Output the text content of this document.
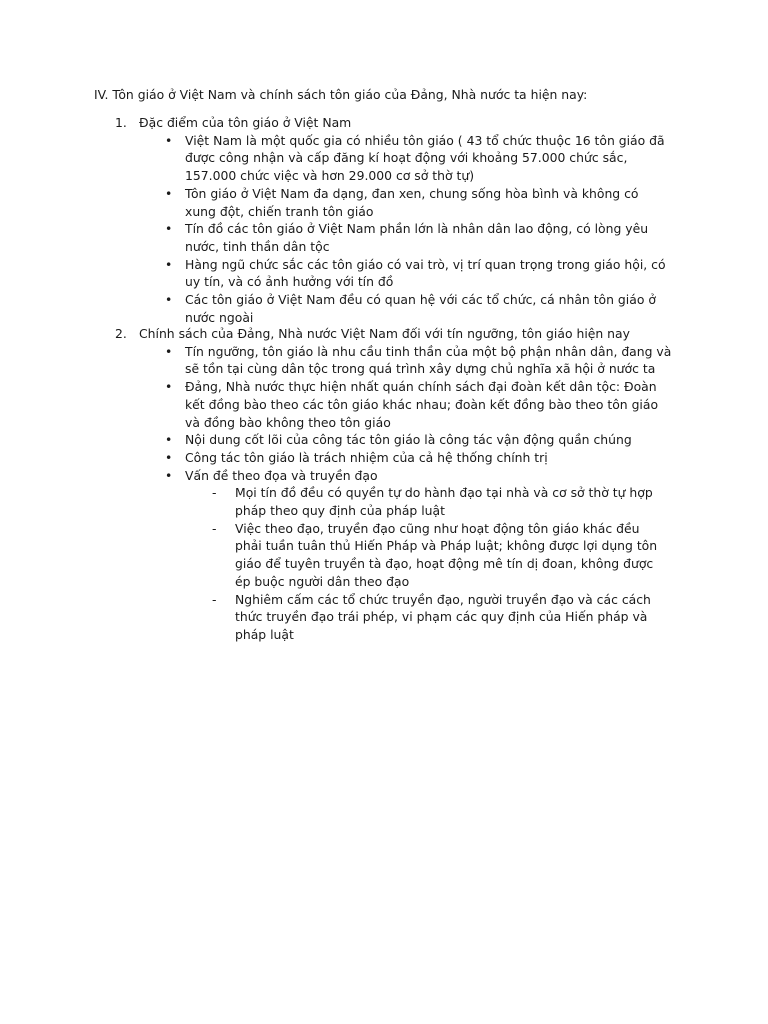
IV. Tôn giáo ở Việt Nam và chính sách tôn giáo của Đảng, Nhà nước ta hiện nay:
1. Đặc điểm của tôn giáo ở Việt Nam
• Việt Nam là một quốc gia có nhiều tôn giáo ( 43 tổ chức thuộc 16 tôn giáo đã được công nhận và cấp đăng kí hoạt động với khoảng 57.000 chức sắc, 157.000 chức việc và hơn 29.000 cơ sở thờ tự)
• Tôn giáo ở Việt Nam đa dạng, đan xen, chung sống hòa bình và không có xung đột, chiến tranh tôn giáo
• Tín đồ các tôn giáo ở Việt Nam phần lớn là nhân dân lao động, có lòng yêu nước, tinh thần dân tộc
• Hàng ngũ chức sắc các tôn giáo có vai trò, vị trí quan trọng trong giáo hội, có uy tín, và có ảnh hưởng với tín đồ
• Các tôn giáo ở Việt Nam đều có quan hệ với các tổ chức, cá nhân tôn giáo ở nước ngoài
2. Chính sách của Đảng, Nhà nước Việt Nam đối với tín ngưỡng, tôn giáo hiện nay
• Tín ngưỡng, tôn giáo là nhu cầu tinh thần của một bộ phận nhân dân, đang và sẽ tồn tại cùng dân tộc trong quá trình xây dựng chủ nghĩa xã hội ở nước ta
• Đảng, Nhà nước thực hiện nhất quán chính sách đại đoàn kết dân tộc: Đoàn kết đồng bào theo các tôn giáo khác nhau; đoàn kết đồng bào theo tôn giáo và đồng bào không theo tôn giáo
• Nội dung cốt lõi của công tác tôn giáo là công tác vận động quần chúng
• Công tác tôn giáo là trách nhiệm của cả hệ thống chính trị
• Vấn đề theo đọa và truyền đạo
- Mọi tín đồ đều có quyền tự do hành đạo tại nhà và cơ sở thờ tự hợp pháp theo quy định của pháp luật
- Việc theo đạo, truyền đạo cũng như hoạt động tôn giáo khác đều phải tuần tuân thủ Hiến Pháp và Pháp luật; không được lợi dụng tôn giáo để tuyên truyền tà đạo, hoạt động mê tín dị đoan, không được ép buộc người dân theo đạo
- Nghiêm cấm các tổ chức truyền đạo, người truyền đạo và các cách thức truyền đạo trái phép, vi phạm các quy định của Hiến pháp và pháp luật
